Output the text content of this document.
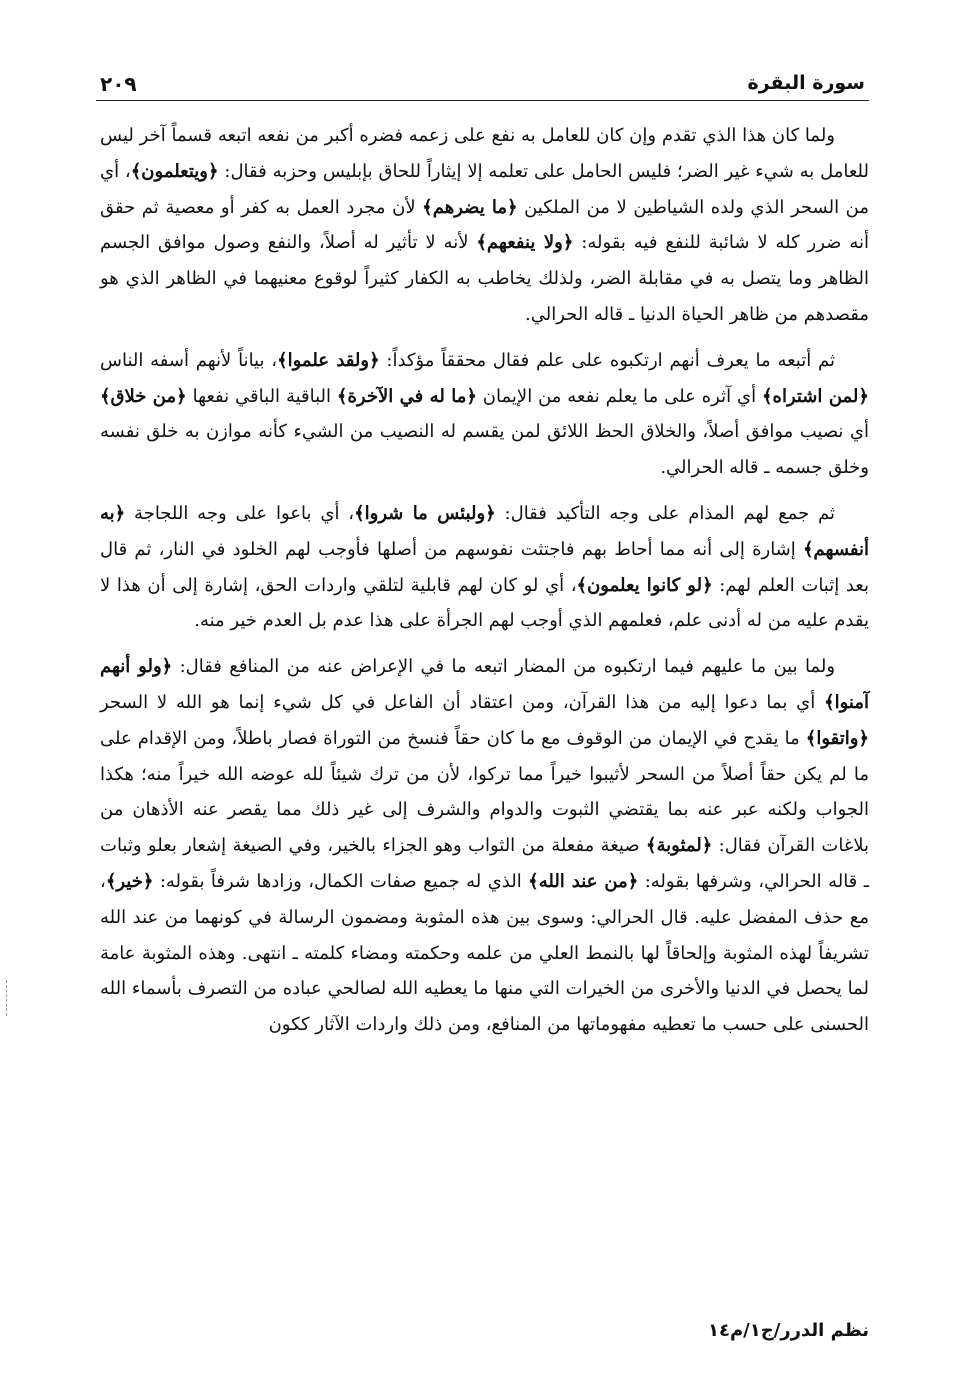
سورة البقرة
٢٠٩

ولما كان هذا الذي تقدم وإن كان للعامل به نفع على زعمه فضره أكبر من نفعه اتبعه قسماً آخر ليس للعامل به شيء غير الضر؛ فليس الحامل على تعلمه إلا إيثاراً للحاق بإبليس وحزبه فقال: ﴿ويتعلمون﴾، أي من السحر الذي ولده الشياطين لا من الملكين ﴿ما يضرهم﴾ لأن مجرد العمل به كفر أو معصية ثم حقق أنه ضرر كله لا شائبة للنفع فيه بقوله: ﴿ولا ينفعهم﴾ لأنه لا تأثير له أصلاً، والنفع وصول موافق الجسم الظاهر وما يتصل به في مقابلة الضر، ولذلك يخاطب به الكفار كثيراً لوقوع معنيهما في الظاهر الذي هو مقصدهم من ظاهر الحياة الدنيا ـ قاله الحرالي.

ثم أتبعه ما يعرف أنهم ارتكبوه على علم فقال محققاً مؤكداً: ﴿ولقد علموا﴾، بياناً لأنهم أسفه الناس ﴿لمن اشتراه﴾ أي آثره على ما يعلم نفعه من الإيمان ﴿ما له في الآخرة﴾ الباقية الباقي نفعها ﴿من خلاق﴾ أي نصيب موافق أصلاً، والخلاق الحظ اللائق لمن يقسم له النصيب من الشيء كأنه موازن به خلق نفسه وخلق جسمه ـ قاله الحرالي.

ثم جمع لهم المذام على وجه التأكيد فقال: ﴿ولبئس ما شروا﴾، أي باعوا على وجه اللجاجة ﴿به أنفسهم﴾ إشارة إلى أنه مما أحاط بهم فاجتثت نفوسهم من أصلها فأوجب لهم الخلود في النار، ثم قال بعد إثبات العلم لهم: ﴿لو كانوا يعلمون﴾، أي لو كان لهم قابلية لتلقي واردات الحق، إشارة إلى أن هذا لا يقدم عليه من له أدنى علم، فعلمهم الذي أوجب لهم الجرأة على هذا عدم بل العدم خير منه.

ولما بين ما عليهم فيما ارتكبوه من المضار اتبعه ما في الإعراض عنه من المنافع فقال: ﴿ولو أنهم آمنوا﴾ أي بما دعوا إليه من هذا القرآن، ومن اعتقاد أن الفاعل في كل شيء إنما هو الله لا السحر ﴿واتقوا﴾ ما يقدح في الإيمان من الوقوف مع ما كان حقاً فنسخ من التوراة فصار باطلاً، ومن الإقدام على ما لم يكن حقاً أصلاً من السحر لأثيبوا خيراً مما تركوا، لأن من ترك شيئاً لله عوضه الله خيراً منه؛ هكذا الجواب ولكنه عبر عنه بما يقتضي الثبوت والدوام والشرف إلى غير ذلك مما يقصر عنه الأذهان من بلاغات القرآن فقال: ﴿لمثوبة﴾ صيغة مفعلة من الثواب وهو الجزاء بالخير، وفي الصيغة إشعار بعلو وثبات ـ قاله الحرالي، وشرفها بقوله: ﴿من عند الله﴾ الذي له جميع صفات الكمال، وزادها شرفاً بقوله: ﴿خير﴾، مع حذف المفضل عليه. قال الحرالي: وسوى بين هذه المثوبة ومضمون الرسالة في كونهما من عند الله تشريفاً لهذه المثوبة وإلحاقاً لها بالنمط العلي من علمه وحكمته ومضاء كلمته ـ انتهى. وهذه المثوبة عامة لما يحصل في الدنيا والأخرى من الخيرات التي منها ما يعطيه الله لصالحي عباده من التصرف بأسماء الله الحسنى على حسب ما تعطيه مفهوماتها من المنافع، ومن ذلك واردات الآثار ككون

نظم الدرر/ج١/م١٤
